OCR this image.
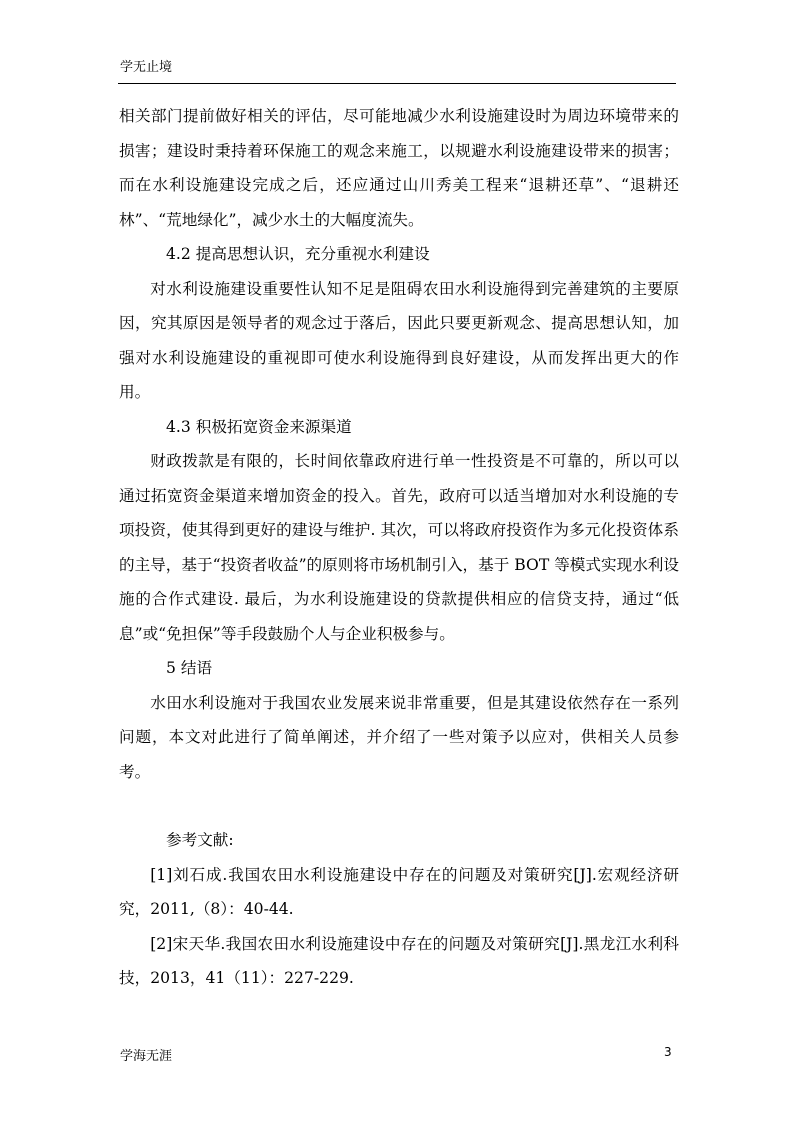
学无止境

相关部门提前做好相关的评估，尽可能地减少水利设施建设时为周边环境带来的损害；建设时秉持着环保施工的观念来施工，以规避水利设施建设带来的损害；而在水利设施建设完成之后，还应通过山川秀美工程来“退耕还草”、“退耕还林”、“荒地绿化”，减少水土的大幅度流失。

4.2 提高思想认识，充分重视水利建设

对水利设施建设重要性认知不足是阻碍农田水利设施得到完善建筑的主要原因，究其原因是领导者的观念过于落后，因此只要更新观念、提高思想认知，加强对水利设施建设的重视即可使水利设施得到良好建设，从而发挥出更大的作用。

4.3 积极拓宽资金来源渠道

财政拨款是有限的，长时间依靠政府进行单一性投资是不可靠的，所以可以通过拓宽资金渠道来增加资金的投入。首先，政府可以适当增加对水利设施的专项投资，使其得到更好的建设与维护. 其次，可以将政府投资作为多元化投资体系的主导，基于“投资者收益”的原则将市场机制引入，基于 BOT 等模式实现水利设施的合作式建设. 最后，为水利设施建设的贷款提供相应的信贷支持，通过“低息”或“免担保”等手段鼓励个人与企业积极参与。

5 结语

水田水利设施对于我国农业发展来说非常重要，但是其建设依然存在一系列问题，本文对此进行了简单阐述，并介绍了一些对策予以应对，供相关人员参考。

参考文献:

[1]刘石成.我国农田水利设施建设中存在的问题及对策研究[J].宏观经济研究，2011,（8）：40-44.

[2]宋天华.我国农田水利设施建设中存在的问题及对策研究[J].黑龙江水利科技，2013，41（11）：227-229.

学海无涯	3
